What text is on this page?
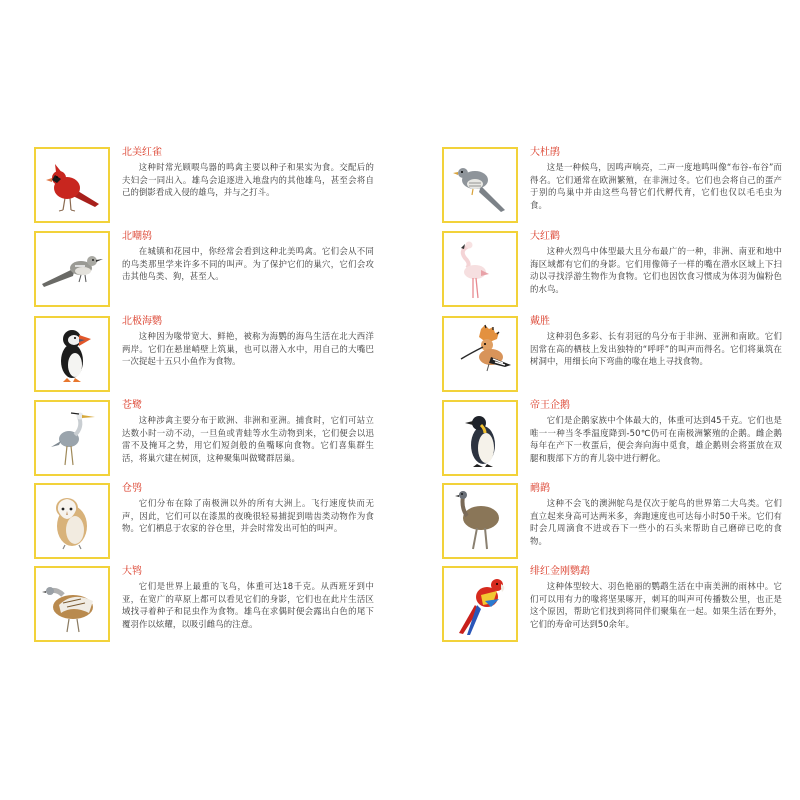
北美红雀
这种时常光顾喂鸟器的鸣禽主要以种子和果实为食。交配后的夫妇会一同出入。雄鸟会追逐进入地盘内的其他雄鸟，甚至会将自己的倒影看成入侵的雄鸟，并与之打斗。
北嘲鸫
在城镇和花园中，你经常会看到这种北美鸣禽。它们会从不同的鸟类那里学来许多不同的叫声。为了保护它们的巢穴，它们会攻击其他鸟类、狗，甚至人。
北极海鹦
这种因为喙带宽大、鲜艳，被称为海鹦的海鸟生活在北大西洋两岸。它们在悬崖峭壁上筑巢，也可以潜入水中，用自己的大嘴巴一次捉起十五只小鱼作为食物。
苍鹭
这种涉禽主要分布于欧洲、非洲和亚洲。捕食时，它们可站立达数小时一动不动，一旦鱼或青蛙等水生动物到来，它们便会以迅雷不及掩耳之势，用它们短剑般的鱼嘴啄向食物。它们喜集群生活，将巢穴建在树顶，这种聚集叫做鹭群居巢。
仓鸮
它们分布在除了南极洲以外的所有大洲上。飞行速度快而无声，因此，它们可以在漆黑的夜晚很轻易捕捉到啮齿类动物作为食物。它们栖息于农家的谷仓里，并会时常发出可怕的叫声。
大鸨
它们是世界上最重的飞鸟，体重可达18千克。从西班牙到中亚，在宽广的草原上都可以看见它们的身影，它们也在此片生活区域找寻着种子和昆虫作为食物。雄鸟在求偶时便会露出白色的尾下覆羽作以炫耀，以吸引雌鸟的注意。
大杜鹃
这是一种候鸟，因鸣声响亮，二声一度地鸣叫像“布谷-布谷”而得名。它们通常在欧洲繁殖，在非洲过冬。它们也会将自己的蛋产于别的鸟巢中并由这些鸟替它们代孵代育，它们也仅以毛毛虫为食。
大红鹳
这种火烈鸟中体型最大且分布最广的一种，非洲、南亚和地中海区域都有它们的身影。它们用像筛子一样的嘴在潜水区域上下扫动以寻找浮游生物作为食物。它们也因饮食习惯成为体羽为偏粉色的水鸟。
戴胜
这种羽色多彩、长有羽冠的鸟分布于非洲、亚洲和南欧。它们因常在高的栖枝上发出独特的“呼呼”的叫声而得名。它们将巢筑在树洞中，用细长向下弯曲的喙在地上寻找食物。
帝王企鹅
它们是企鹅家族中个体最大的，体重可达到45千克。它们也是唯一一种当冬季温度降到-50℃仍可在南极洲繁殖的企鹅。雌企鹅每年在产下一枚蛋后，便会奔向海中觅食，雄企鹅则会将蛋放在双腿和腹部下方的育儿袋中进行孵化。
鸸鹋
这种不会飞的澳洲鸵鸟是仅次于鸵鸟的世界第二大鸟类。它们直立起来身高可达两米多，奔跑速度也可达每小时50千米。它们有时会几周滴食不进或吞下一些小的石头来帮助自己磨碎已吃的食物。
绯红金刚鹦鹉
这种体型较大、羽色艳丽的鹦鹉生活在中南美洲的雨林中。它们可以用有力的喙将坚果啄开，刺耳的叫声可传播数公里，也正是这个原因，帮助它们找到将同伴们聚集在一起。如果生活在野外，它们的寿命可达到50余年。
